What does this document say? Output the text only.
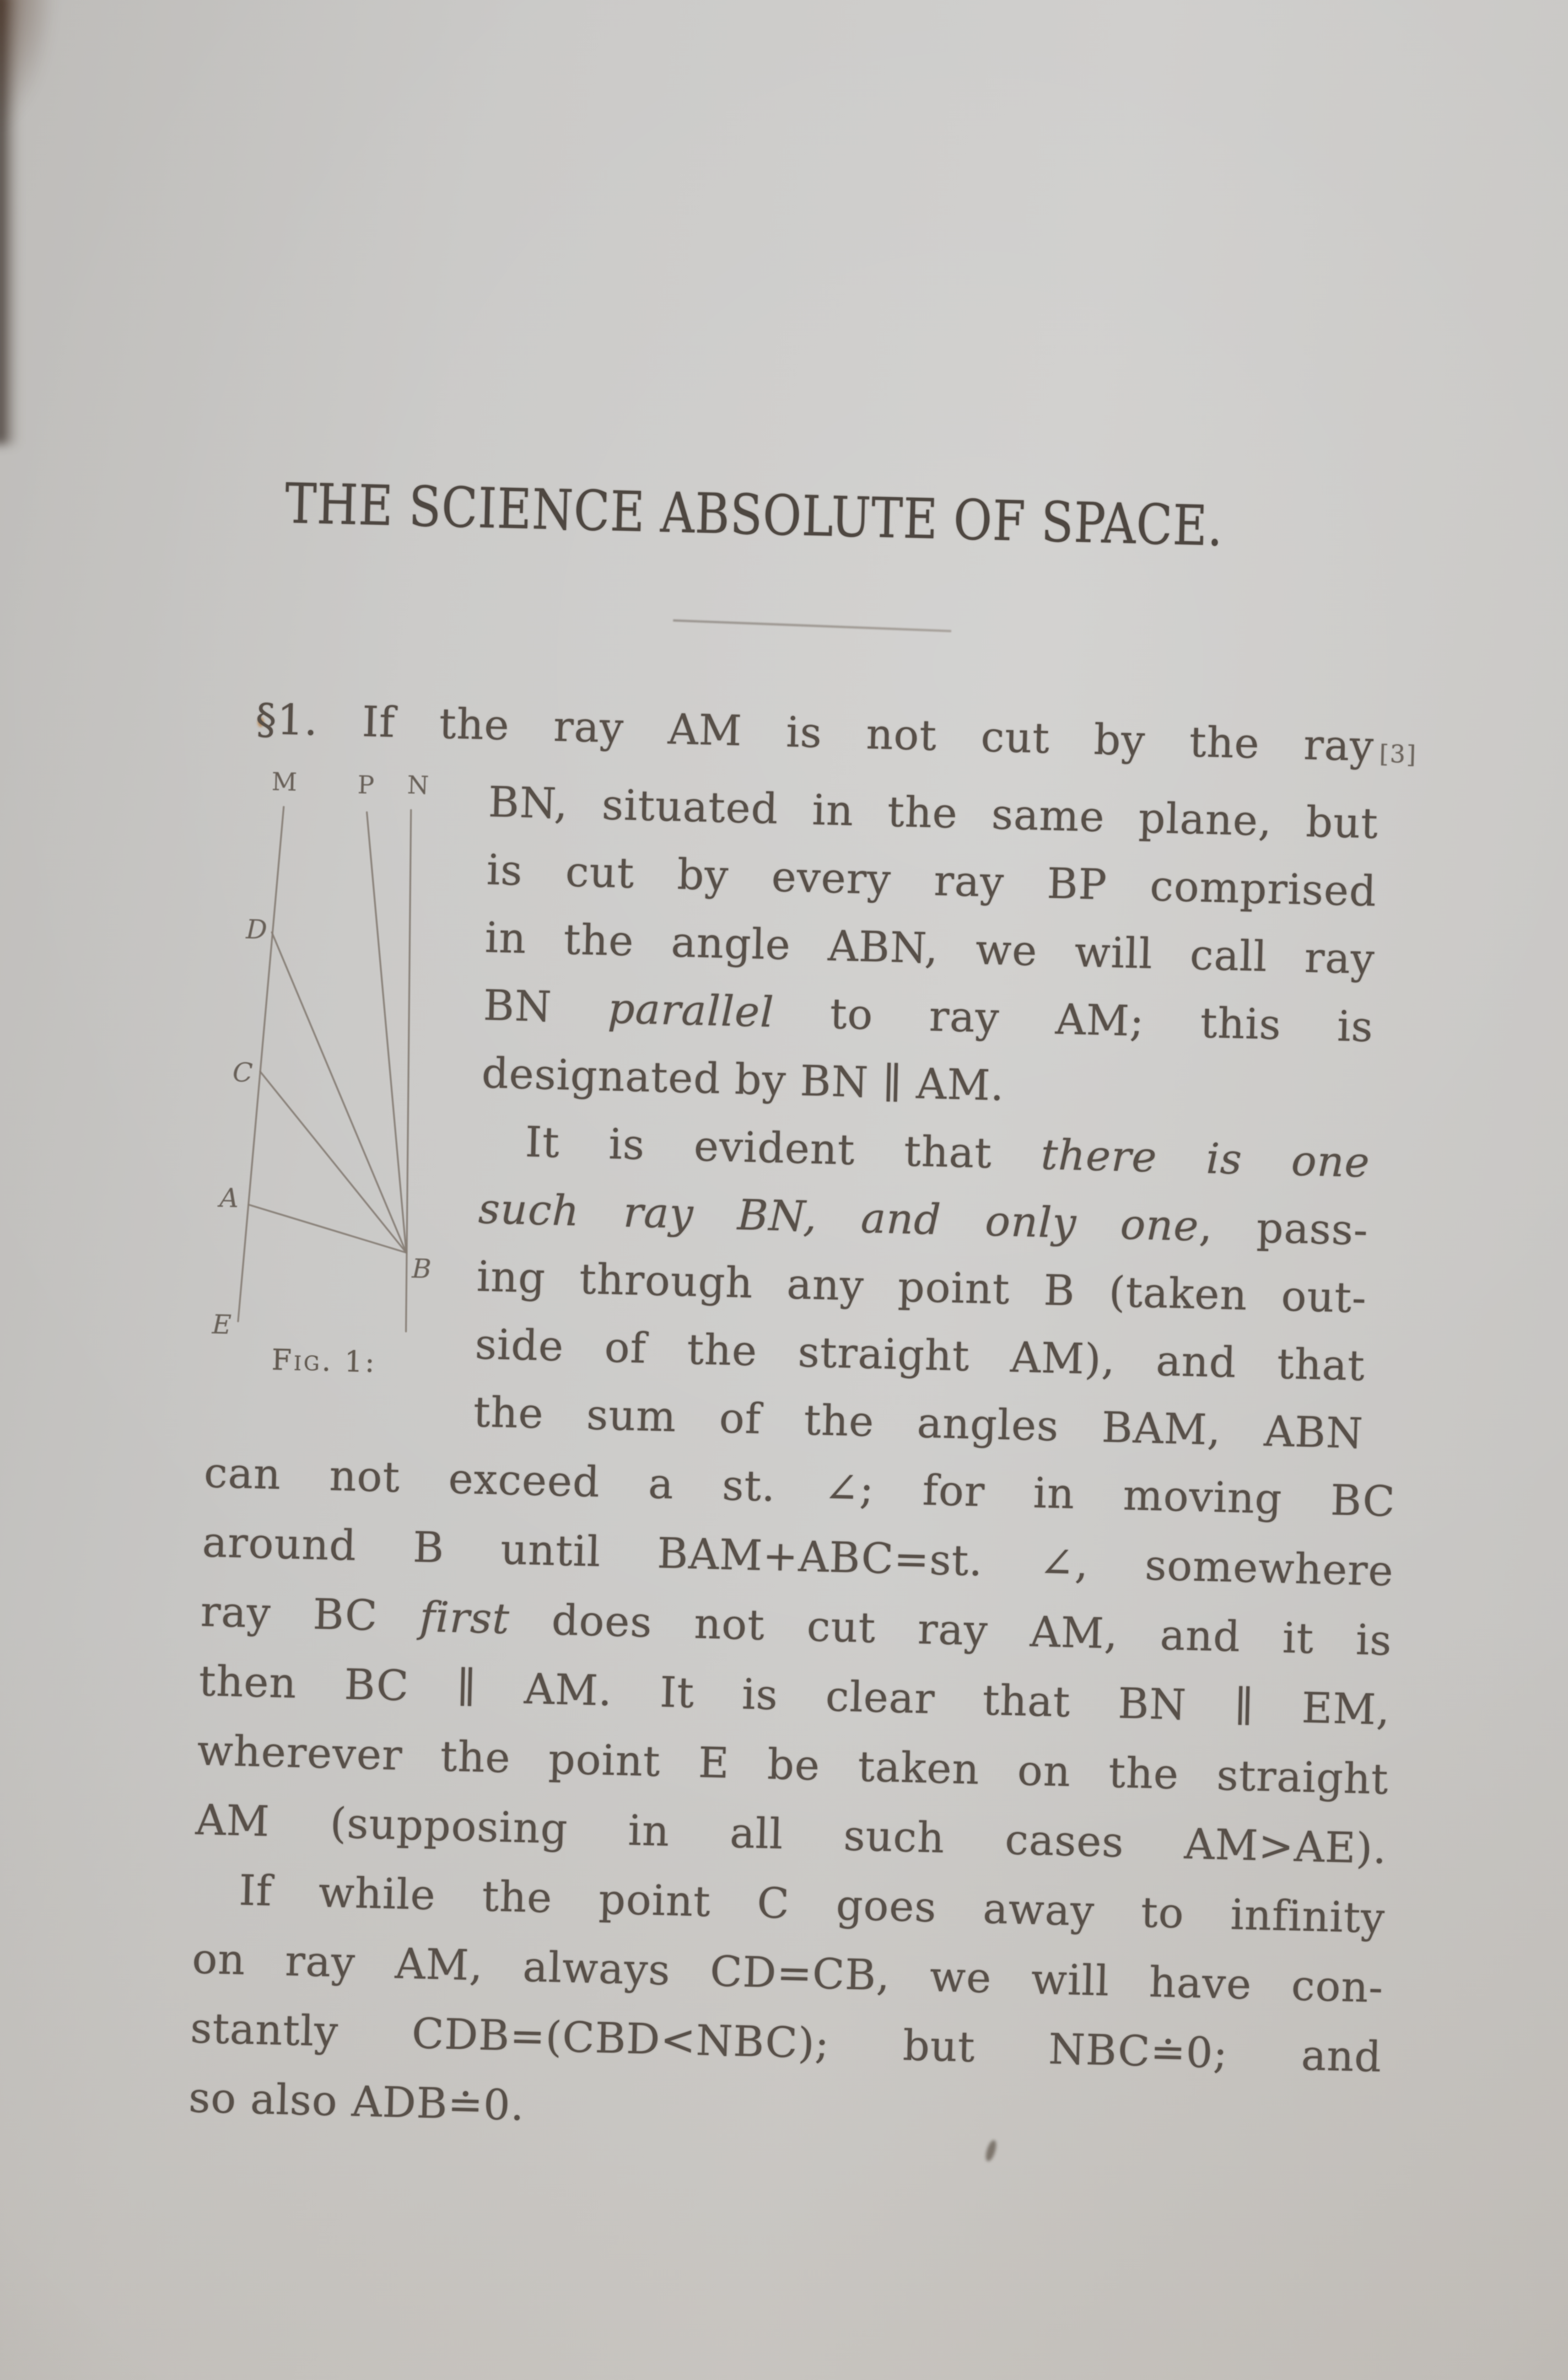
THE SCIENCE ABSOLUTE OF SPACE.
§1. If the ray AM is not cut by the ray [3]
M P N
D
C
A
E
B
Fig. 1:
BN, situated in the same plane, but
is cut by every ray BP comprised
in the angle ABN, we will call ray
BN parallel to ray AM; this is
designated by BN ∥ AM.
It is evident that there is one
such ray BN, and only one, pass-
ing through any point B (taken out-
side of the straight AM), and that
the sum of the angles BAM, ABN
can not exceed a st. ∠; for in moving BC
around B until BAM+ABC=st. ∠, somewhere
ray BC first does not cut ray AM, and it is
then BC ∥ AM. It is clear that BN ∥ EM,
wherever the point E be taken on the straight
AM (supposing in all such cases AM>AE).
If while the point C goes away to infinity
on ray AM, always CD=CB, we will have con-
stantly CDB=(CBD<NBC); but NBC≐0; and
so also ADB≐0.
